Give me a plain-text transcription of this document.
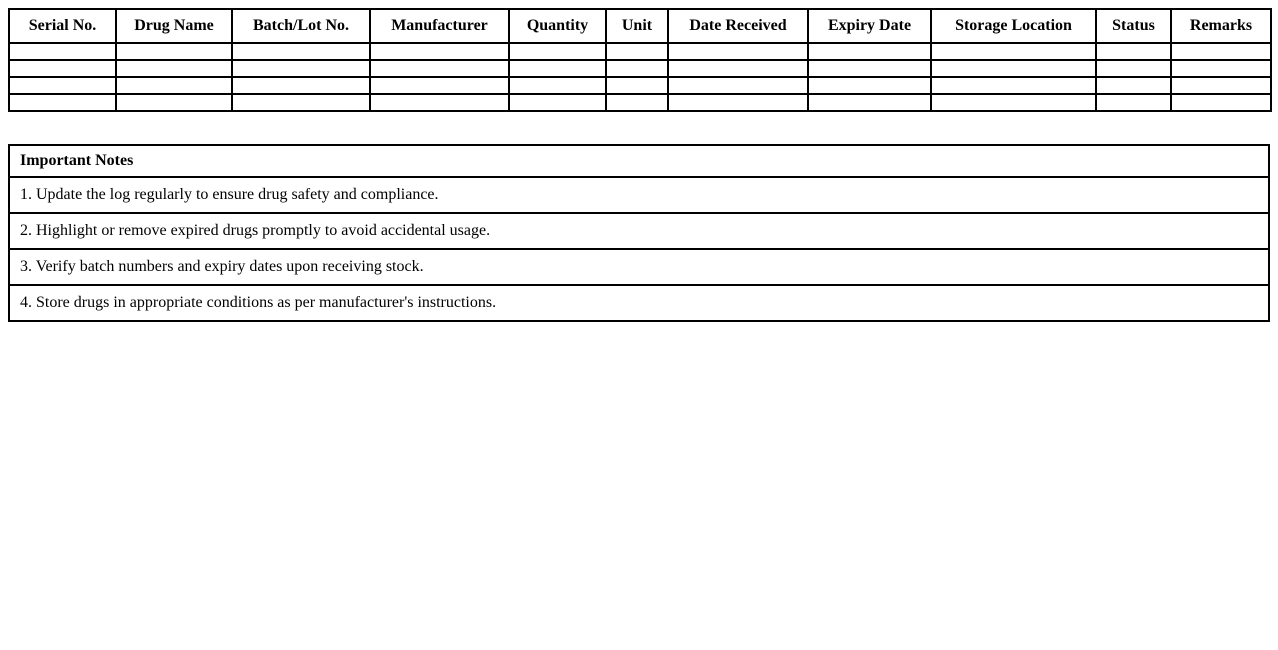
Serial No.	Drug Name	Batch/Lot No.	Manufacturer	Quantity	Unit	Date Received	Expiry Date	Storage Location	Status	Remarks

Important Notes
1. Update the log regularly to ensure drug safety and compliance.
2. Highlight or remove expired drugs promptly to avoid accidental usage.
3. Verify batch numbers and expiry dates upon receiving stock.
4. Store drugs in appropriate conditions as per manufacturer's instructions.
